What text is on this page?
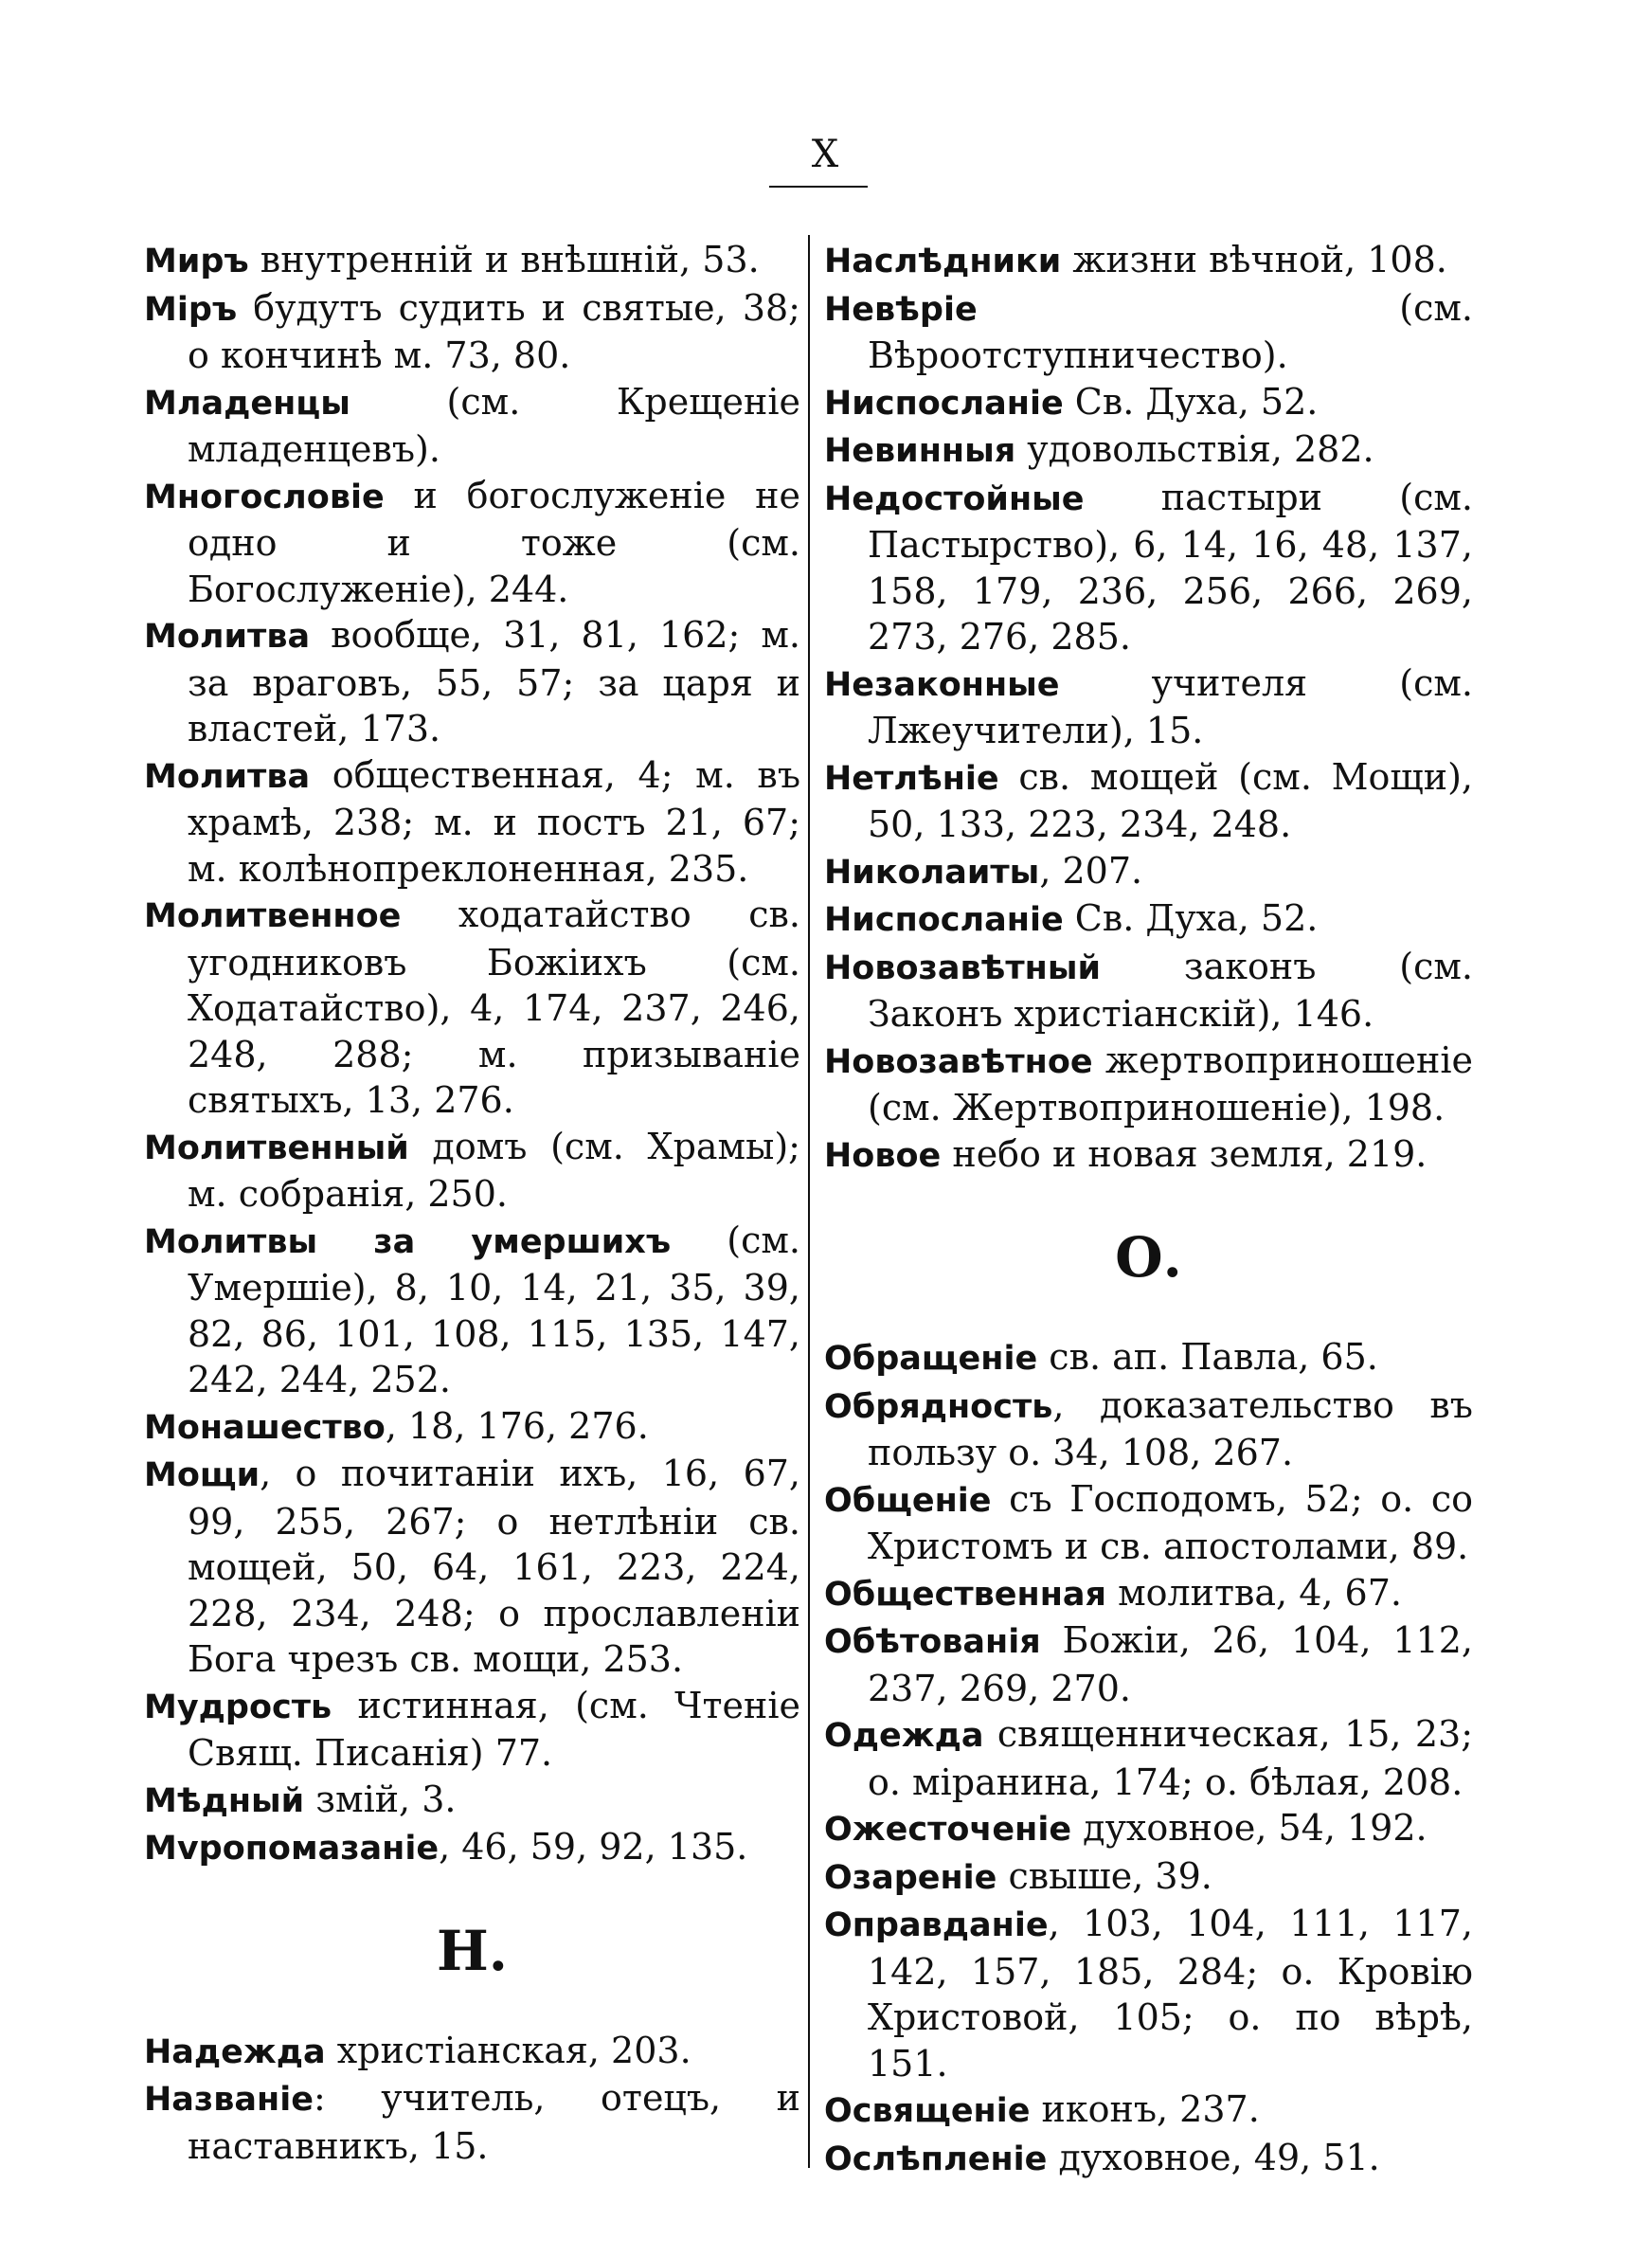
X

Миръ внутренній и внѣшній, 53.

Міръ будутъ судить и святые, 38; о кончинѣ м. 73, 80.

Младенцы (см. Крещеніе младенцевъ).

Многословіе и богослуженіе не одно и тоже (см. Богослуженіе), 244.

Молитва вообще, 31, 81, 162; м. за враговъ, 55, 57; за царя и властей, 173.

Молитва общественная, 4; м. въ храмѣ, 238; м. и постъ 21, 67; м. колѣнопреклоненная, 235.

Молитвенное ходатайство св. угодниковъ Божіихъ (см. Ходатайство), 4, 174, 237, 246, 248, 288; м. призываніе святыхъ, 13, 276.

Молитвенный домъ (см. Храмы); м. собранія, 250.

Молитвы за умершихъ (см. Умершіе), 8, 10, 14, 21, 35, 39, 82, 86, 101, 108, 115, 135, 147, 242, 244, 252.

Монашество, 18, 176, 276.

Мощи, о почитаніи ихъ, 16, 67, 99, 255, 267; о нетлѣніи св. мощей, 50, 64, 161, 223, 224, 228, 234, 248; о прославленіи Бога чрезъ св. мощи, 253.

Мудрость истинная, (см. Чтеніе Свящ. Писанія) 77.

Мѣдный змій, 3.

Мvропомазаніе, 46, 59, 92, 135.

Н.

Надежда христіанская, 203.

Названіе: учитель, отецъ, и наставникъ, 15.

Наслѣдники жизни вѣчной, 108.

Невѣріе (см. Вѣроотступничество).

Ниспосланіе Св. Духа, 52.

Невинныя удовольствія, 282.

Недостойные пастыри (см. Пастырство), 6, 14, 16, 48, 137, 158, 179, 236, 256, 266, 269, 273, 276, 285.

Незаконные учителя (см. Лжеучители), 15.

Нетлѣніе св. мощей (см. Мощи), 50, 133, 223, 234, 248.

Николаиты, 207.

Ниспосланіе Св. Духа, 52.

Новозавѣтный законъ (см. Законъ христіанскій), 146.

Новозавѣтное жертвоприношеніе (см. Жертвоприношеніе), 198.

Новое небо и новая земля, 219.

О.

Обращеніе св. ап. Павла, 65.

Обрядность, доказательство въ пользу о. 34, 108, 267.

Общеніе съ Господомъ, 52; о. со Христомъ и св. апостолами, 89.

Общественная молитва, 4, 67.

Обѣтованія Божіи, 26, 104, 112, 237, 269, 270.

Одежда священническая, 15, 23; о. міранина, 174; о. бѣлая, 208.

Ожесточеніе духовное, 54, 192.

Озареніе свыше, 39.

Оправданіе, 103, 104, 111, 117, 142, 157, 185, 284; о. Кровію Христовой, 105; о. по вѣрѣ, 151.

Освященіе иконъ, 237.

Ослѣпленіе духовное, 49, 51.
